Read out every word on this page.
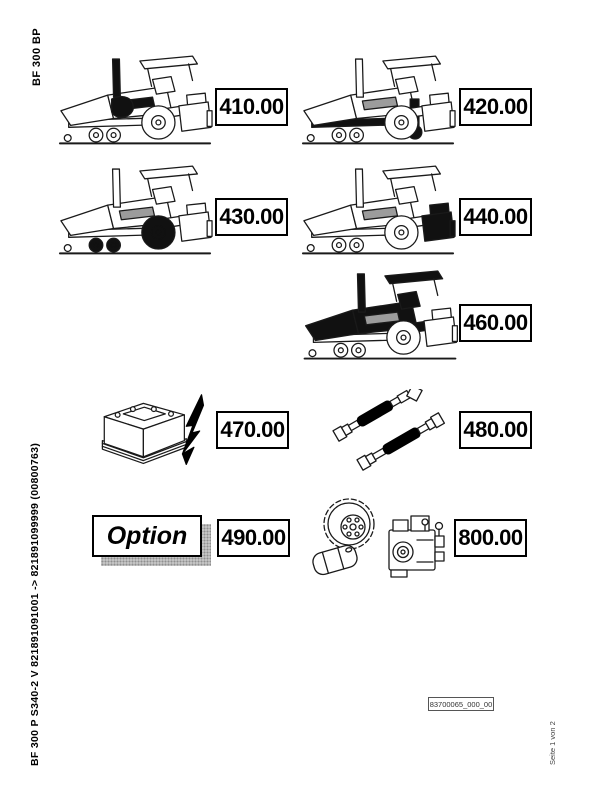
BF 300 BP
BF 300 P S340-2 V 821891091001 -> 821891099999 (00800763)
410.00	420.00
430.00	440.00
460.00
470.00	480.00
Option 490.00	800.00
83700065_000_00
Seite 1 von 2
